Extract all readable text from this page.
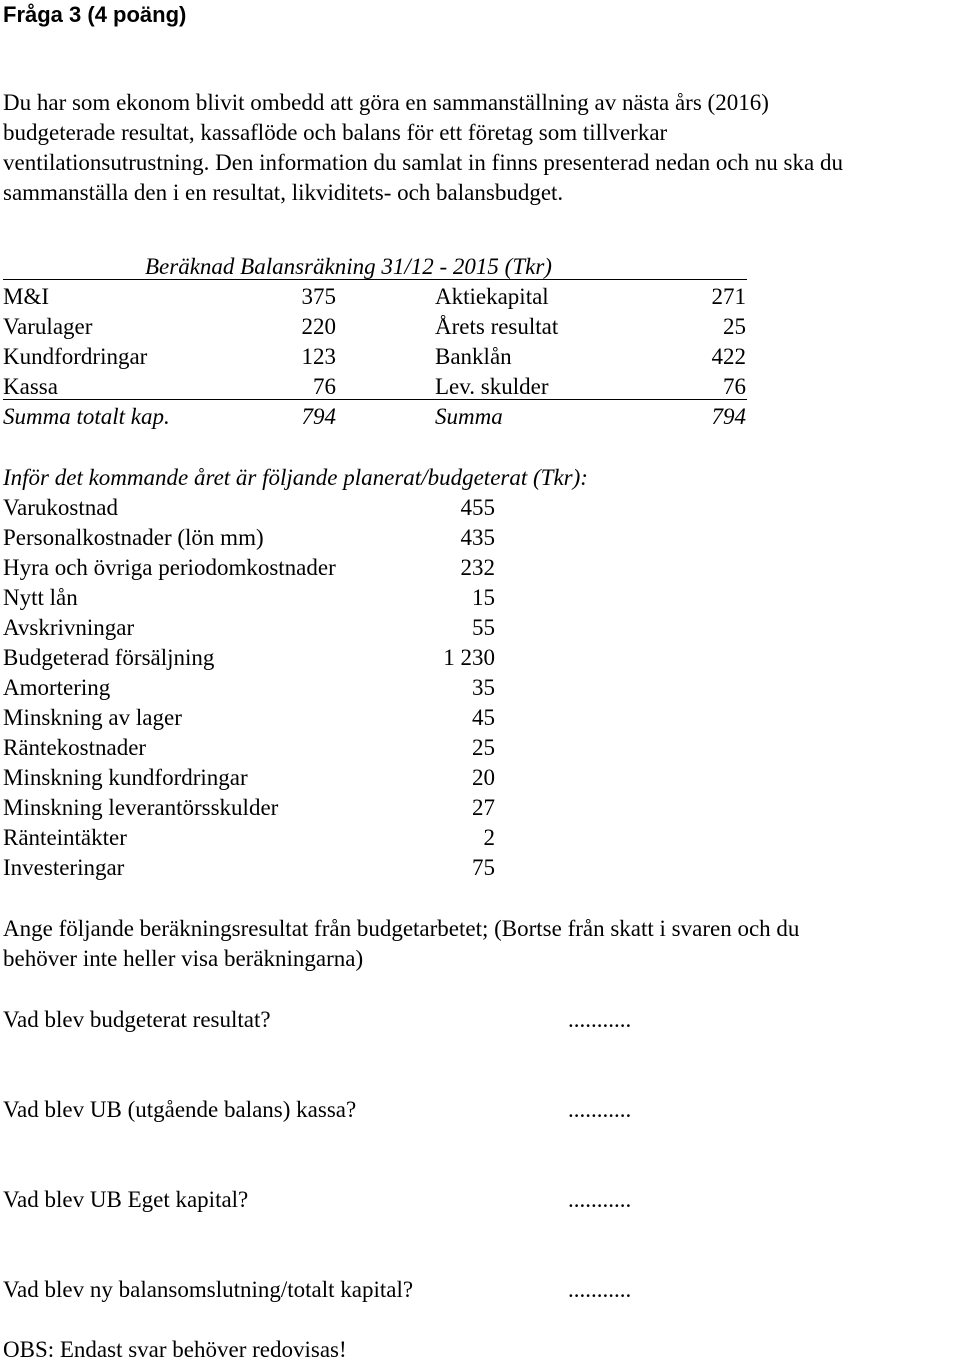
Fråga 3 (4 poäng)
Du har som ekonom blivit ombedd att göra en sammanställning av nästa års (2016)
budgeterade resultat, kassaflöde och balans för ett företag som tillverkar
ventilationsutrustning. Den information du samlat in finns presenterad nedan och nu ska du
sammanställa den i en resultat, likviditets- och balansbudget.
Beräknad Balansräkning 31/12 - 2015 (Tkr)
M&I	375	Aktiekapital	271
Varulager	220	Årets resultat	25
Kundfordringar	123	Banklån	422
Kassa	76	Lev. skulder	76
Summa totalt kap.	794	Summa	794
Inför det kommande året är följande planerat/budgeterat (Tkr):
Varukostnad	455
Personalkostnader (lön mm)	435
Hyra och övriga periodomkostnader	232
Nytt lån	15
Avskrivningar	55
Budgeterad försäljning	1 230
Amortering	35
Minskning av lager	45
Räntekostnader	25
Minskning kundfordringar	20
Minskning leverantörsskulder	27
Ränteintäkter	2
Investeringar	75
Ange följande beräkningsresultat från budgetarbetet; (Bortse från skatt i svaren och du
behöver inte heller visa beräkningarna)
Vad blev budgeterat resultat?	...........
Vad blev UB (utgående balans) kassa?	...........
Vad blev UB Eget kapital?	...........
Vad blev ny balansomslutning/totalt kapital?	...........
OBS: Endast svar behöver redovisas!
